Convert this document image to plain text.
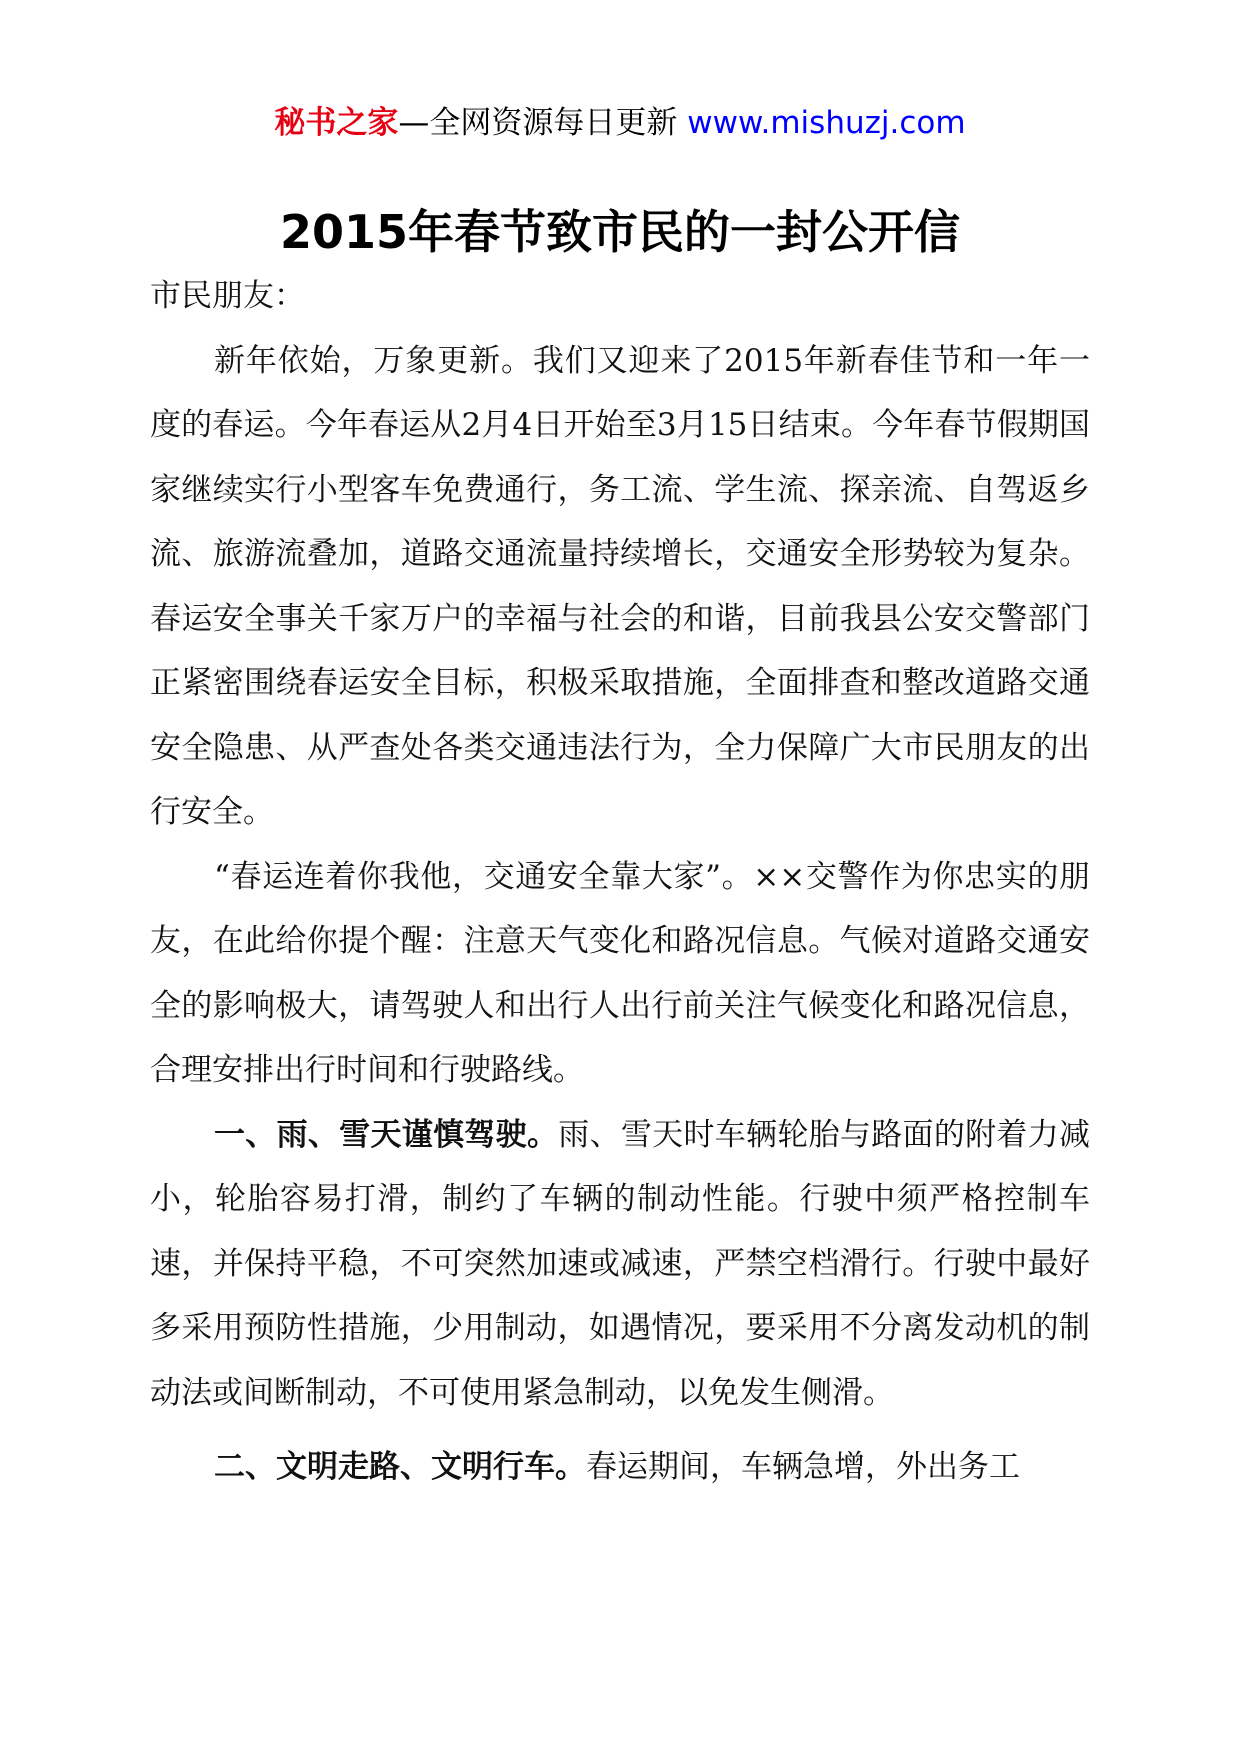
秘书之家—全网资源每日更新 www.mishuzj.com
2015年春节致市民的一封公开信

市民朋友：

新年依始，万象更新。我们又迎来了2015年新春佳节和一年一度的春运。今年春运从2月4日开始至3月15日结束。今年春节假期国家继续实行小型客车免费通行，务工流、学生流、探亲流、自驾返乡流、旅游流叠加，道路交通流量持续增长，交通安全形势较为复杂。春运安全事关千家万户的幸福与社会的和谐，目前我县公安交警部门正紧密围绕春运安全目标，积极采取措施，全面排查和整改道路交通安全隐患、从严查处各类交通违法行为，全力保障广大市民朋友的出行安全。

“春运连着你我他，交通安全靠大家”。××交警作为你忠实的朋友，在此给你提个醒：注意天气变化和路况信息。气候对道路交通安全的影响极大，请驾驶人和出行人出行前关注气候变化和路况信息，合理安排出行时间和行驶路线。

一、雨、雪天谨慎驾驶。雨、雪天时车辆轮胎与路面的附着力减小，轮胎容易打滑，制约了车辆的制动性能。行驶中须严格控制车速，并保持平稳，不可突然加速或减速，严禁空档滑行。行驶中最好多采用预防性措施，少用制动，如遇情况，要采用不分离发动机的制动法或间断制动，不可使用紧急制动，以免发生侧滑。

二、文明走路、文明行车。春运期间，车辆急增，外出务工
